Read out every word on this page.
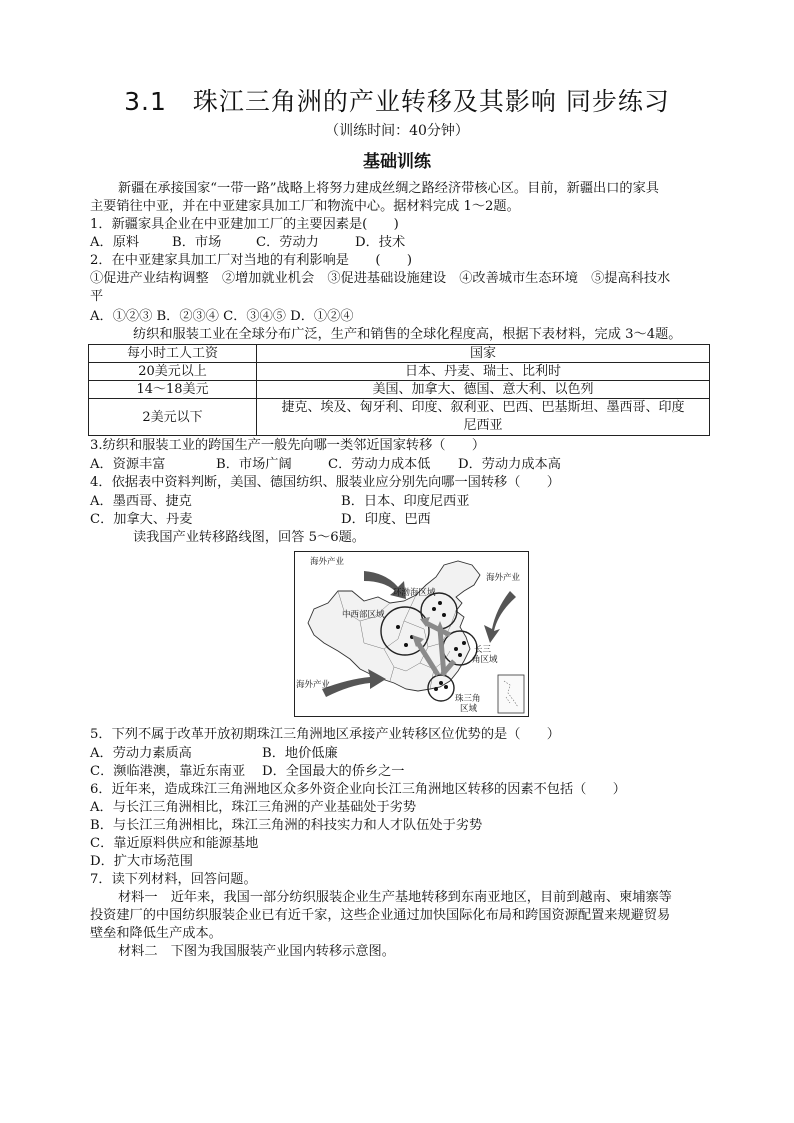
3.1　珠江三角洲的产业转移及其影响 同步练习
（训练时间：40分钟）
基础训练
新疆在承接国家“一带一路”战略上将努力建成丝绸之路经济带核心区。目前，新疆出口的家具
主要销往中亚，并在中亚建家具加工厂和物流中心。据材料完成 1～2题。
1．新疆家具企业在中亚建加工厂的主要因素是(　　)
A．原料 B．市场	C．劳动力	D．技术
2．在中亚建家具加工厂对当地的有利影响是　　(　　)
①促进产业结构调整　②增加就业机会　③促进基础设施建设　④改善城市生态环境　⑤提高科技水
平
A．①②③ B．②③④ C．③④⑤ D．①②④
纺织和服装工业在全球分布广泛，生产和销售的全球化程度高，根据下表材料，完成 3～4题。
每小时工人工资	国家
20美元以上	日本、丹麦、瑞士、比利时
14～18美元	美国、加拿大、德国、意大利、以色列
2美元以下	捷克、埃及、匈牙利、印度、叙利亚、巴西、巴基斯坦、墨西哥、印度
尼西亚
3.纺织和服装工业的跨国生产一般先向哪一类邻近国家转移（　　）
A．资源丰富	B．市场广阔	C．劳动力成本低 D．劳动力成本高
4．依据表中资料判断，美国、德国纺织、服装业应分别先向哪一国转移（　　）
A．墨西哥、捷克	B．日本、印度尼西亚
C．加拿大、丹麦	D．印度、巴西
读我国产业转移路线图，回答 5～6题。
海外产业
海外产业
海外产业
环渤海区域
中西部区域
长三
角区域
珠三角
区域
5．下列不属于改革开放初期珠江三角洲地区承接产业转移区位优势的是（　　）
A．劳动力素质高	B．地价低廉
C．濒临港澳，靠近东南亚 D．全国最大的侨乡之一
6．近年来，造成珠江三角洲地区众多外资企业向长江三角洲地区转移的因素不包括（　　）
A．与长江三角洲相比，珠江三角洲的产业基础处于劣势
B．与长江三角洲相比，珠江三角洲的科技实力和人才队伍处于劣势
C．靠近原料供应和能源基地
D．扩大市场范围
7．读下列材料，回答问题。
材料一　近年来，我国一部分纺织服装企业生产基地转移到东南亚地区，目前到越南、柬埔寨等
投资建厂的中国纺织服装企业已有近千家，这些企业通过加快国际化布局和跨国资源配置来规避贸易
壁垒和降低生产成本。
材料二　下图为我国服装产业国内转移示意图。
